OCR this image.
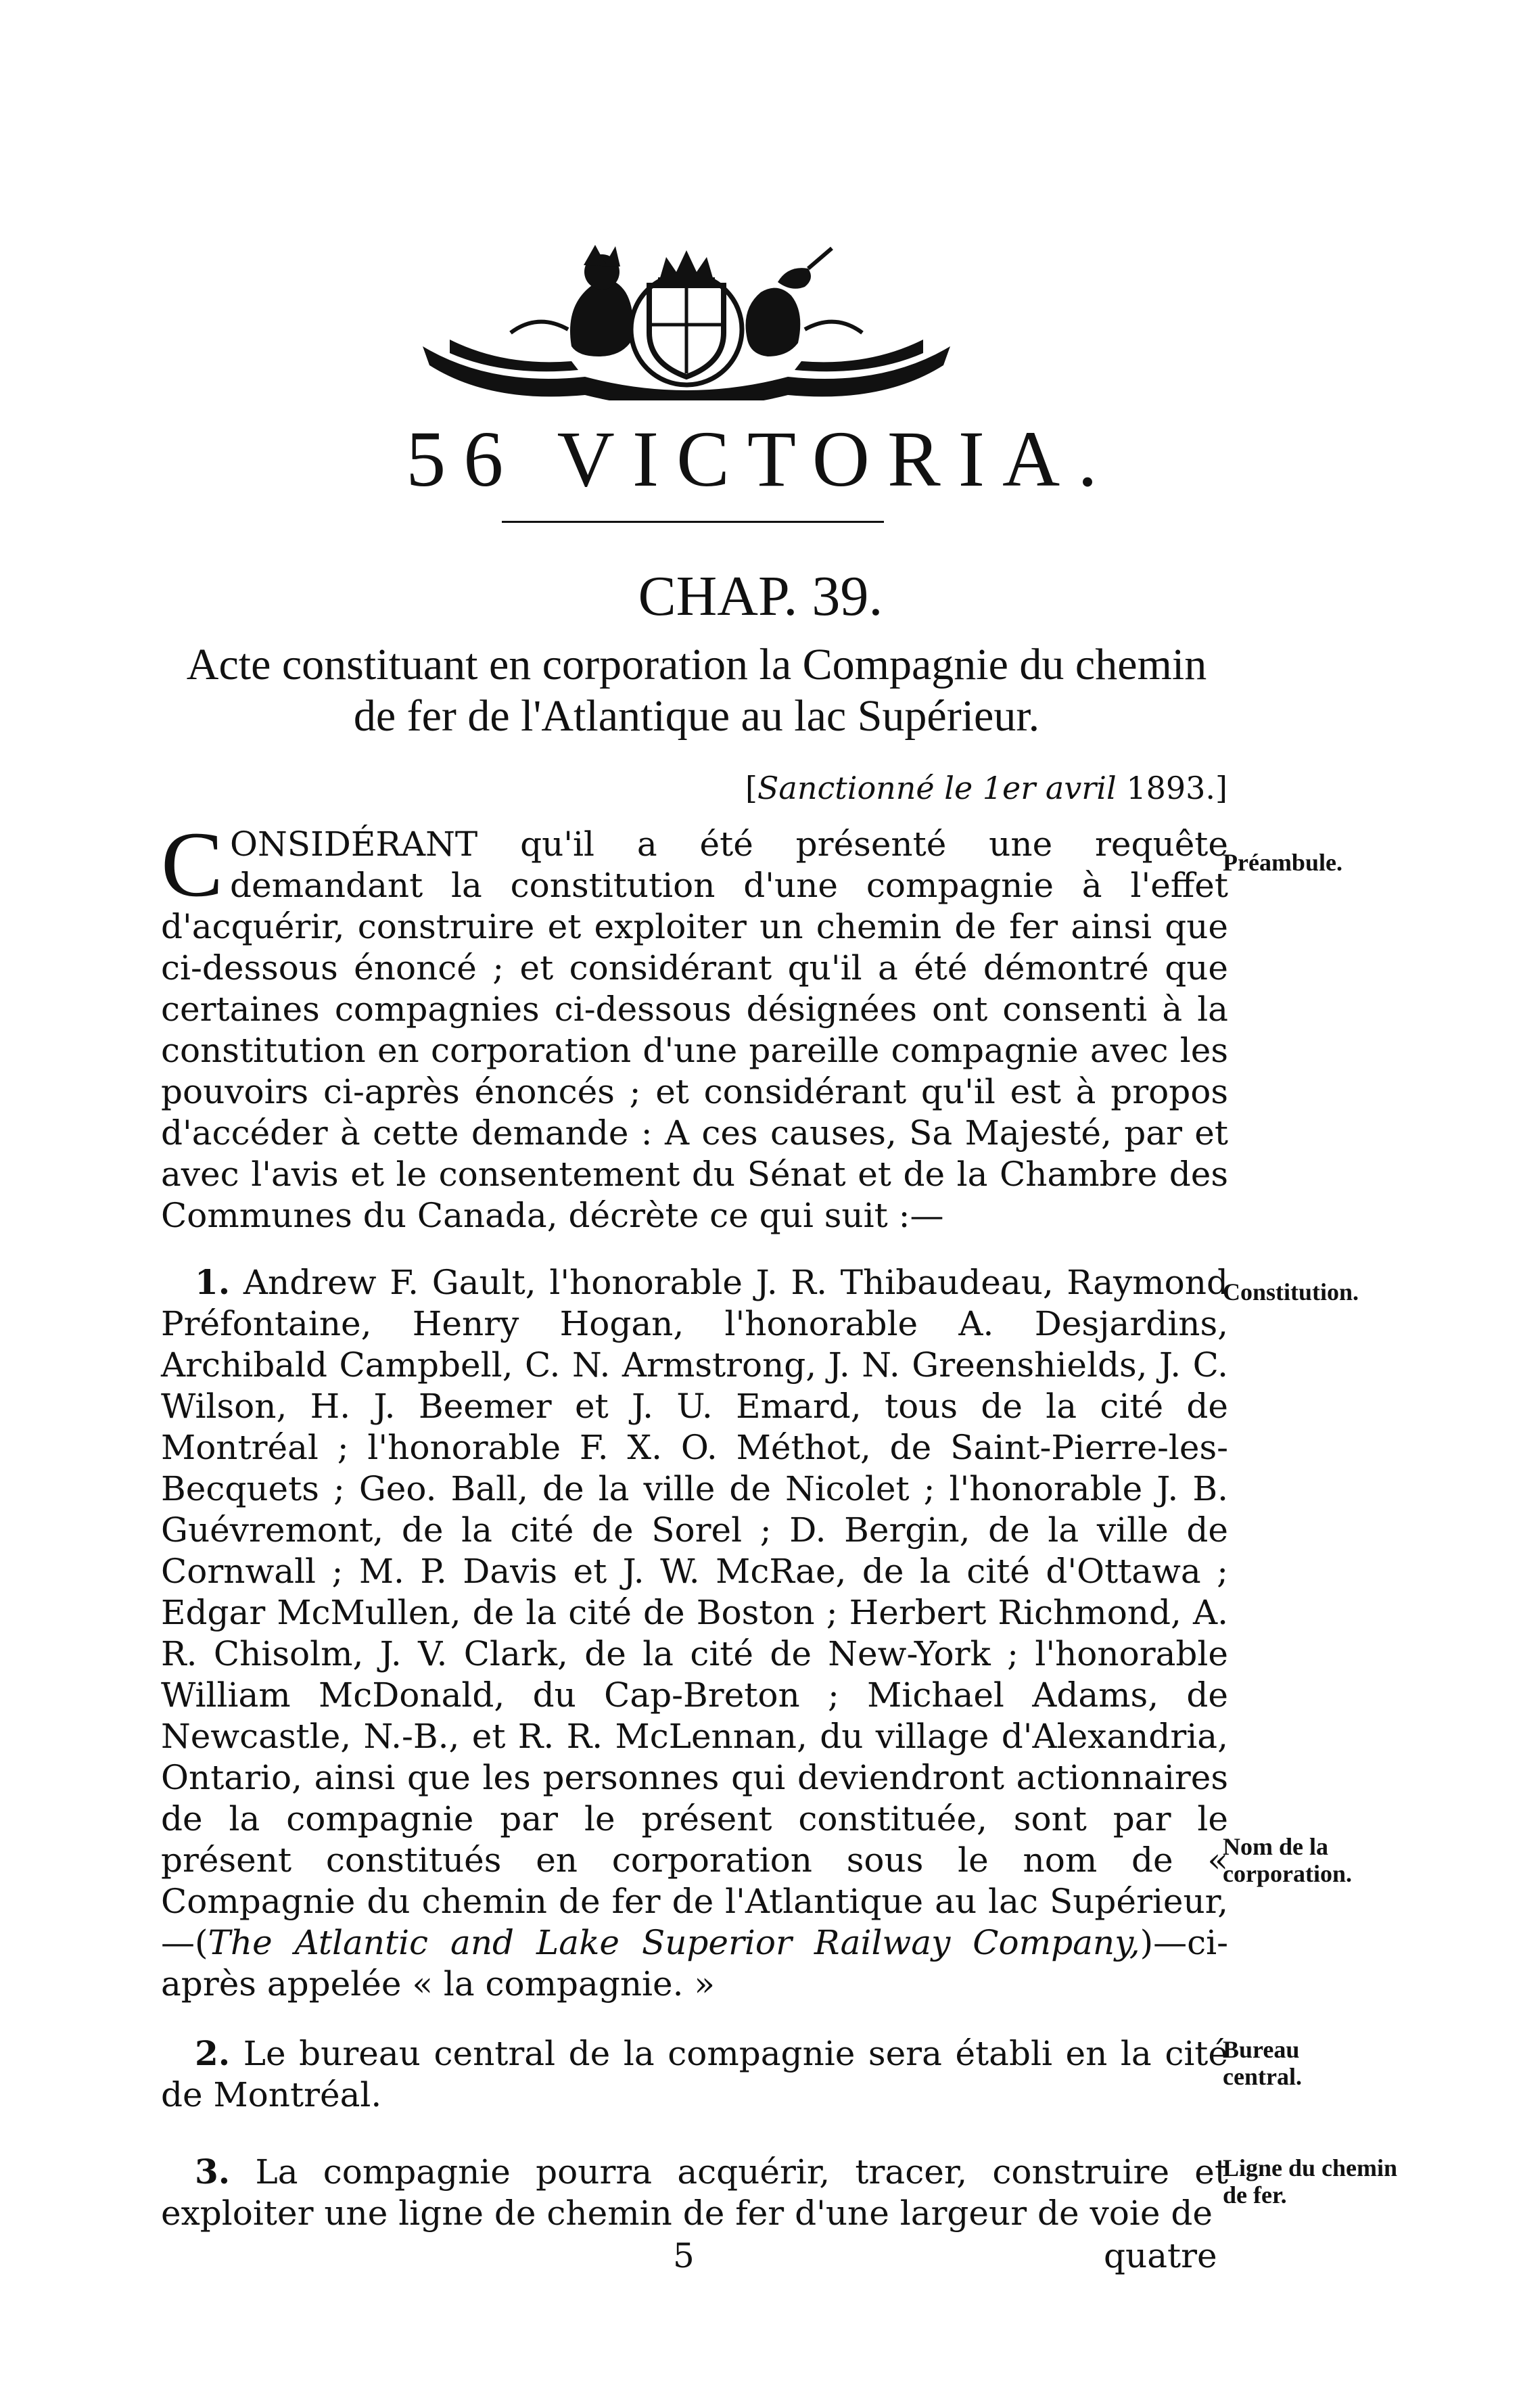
56 VICTORIA.
CHAP. 39.
Acte constituant en corporation la Compagnie du chemin de fer de l'Atlantique au lac Supérieur.
[Sanctionné le 1er avril 1893.]
CONSIDÉRANT qu'il a été présenté une requête demandant la constitution d'une compagnie à l'effet d'acquérir, construire et exploiter un chemin de fer ainsi que ci-dessous énoncé ; et considérant qu'il a été démontré que certaines compagnies ci-dessous désignées ont consenti à la constitution en corporation d'une pareille compagnie avec les pouvoirs ci-après énoncés ; et considérant qu'il est à propos d'accéder à cette demande : A ces causes, Sa Majesté, par et avec l'avis et le consentement du Sénat et de la Chambre des Communes du Canada, décrète ce qui suit :—
Préambule.
 1. Andrew F. Gault, l'honorable J. R. Thibaudeau, Raymond Préfontaine, Henry Hogan, l'honorable A. Desjardins, Archibald Campbell, C. N. Armstrong, J. N. Greenshields, J. C. Wilson, H. J. Beemer et J. U. Emard, tous de la cité de Montréal ; l'honorable F. X. O. Méthot, de Saint-Pierre-les-Becquets ; Geo. Ball, de la ville de Nicolet ; l'honorable J. B. Guévremont, de la cité de Sorel ; D. Bergin, de la ville de Cornwall ; M. P. Davis et J. W. McRae, de la cité d'Ottawa ; Edgar McMullen, de la cité de Boston ; Herbert Richmond, A. R. Chisolm, J. V. Clark, de la cité de New-York ; l'honorable William McDonald, du Cap-Breton ; Michael Adams, de Newcastle, N.-B., et R. R. McLennan, du village d'Alexandria, Ontario, ainsi que les personnes qui deviendront actionnaires de la compagnie par le présent constituée, sont par le présent constitués en corporation sous le nom de « Compagnie du chemin de fer de l'Atlantique au lac Supérieur,—(The Atlantic and Lake Superior Railway Company,)—ci-après appelée « la compagnie. »
Constitution.
Nom de la corporation.
 2. Le bureau central de la compagnie sera établi en la cité de Montréal.
Bureau central.
 3. La compagnie pourra acquérir, tracer, construire et exploiter une ligne de chemin de fer d'une largeur de voie de
Ligne du chemin de fer.
5	quatre
